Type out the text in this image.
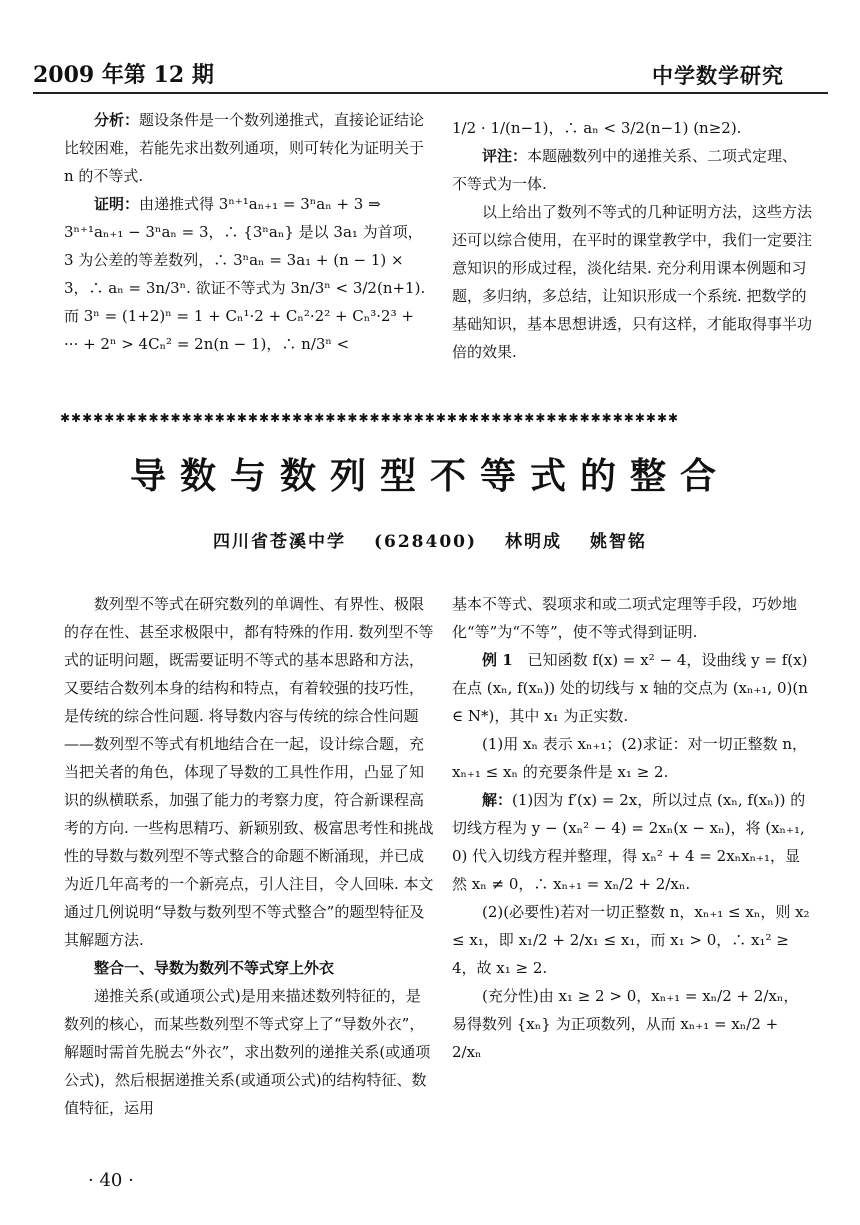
2009 年第 12 期	中学数学研究

分析：题设条件是一个数列递推式，直接论证结论比较困难，若能先求出数列通项，则可转化为证明关于 n 的不等式.

证明：由递推式得 3ⁿ⁺¹aₙ₊₁ = 3ⁿaₙ + 3 ⇒ 3ⁿ⁺¹aₙ₊₁ − 3ⁿaₙ = 3，∴ {3ⁿaₙ} 是以 3a₁ 为首项，3 为公差的等差数列，∴ 3ⁿaₙ = 3a₁ + (n − 1) × 3，∴ aₙ = 3n/3ⁿ. 欲证不等式为 3n/3ⁿ < 3/2(n+1). 而 3ⁿ = (1+2)ⁿ = 1 + Cₙ¹·2 + Cₙ²·2² + Cₙ³·2³ + ··· + 2ⁿ > 4Cₙ² = 2n(n − 1)，∴ n/3ⁿ <

1/2 · 1/(n−1)，∴ aₙ < 3/2(n−1) (n≥2).

评注：本题融数列中的递推关系、二项式定理、不等式为一体.

以上给出了数列不等式的几种证明方法，这些方法还可以综合使用，在平时的课堂教学中，我们一定要注意知识的形成过程，淡化结果. 充分利用课本例题和习题，多归纳，多总结，让知识形成一个系统. 把数学的基础知识，基本思想讲透，只有这样，才能取得事半功倍的效果.

✱✱✱✱✱✱✱✱✱✱✱✱✱✱✱✱✱✱✱✱✱✱✱✱✱✱✱✱✱✱✱✱✱✱✱✱✱✱✱✱✱✱✱✱✱✱✱✱✱✱✱✱✱✱✱✱
导数与数列型不等式的整合
四川省苍溪中学 (628400) 林明成 姚智铭

数列型不等式在研究数列的单调性、有界性、极限的存在性、甚至求极限中，都有特殊的作用. 数列型不等式的证明问题，既需要证明不等式的基本思路和方法，又要结合数列本身的结构和特点，有着较强的技巧性，是传统的综合性问题. 将导数内容与传统的综合性问题——数列型不等式有机地结合在一起，设计综合题，充当把关者的角色，体现了导数的工具性作用，凸显了知识的纵横联系，加强了能力的考察力度，符合新课程高考的方向. 一些构思精巧、新颖别致、极富思考性和挑战性的导数与数列型不等式整合的命题不断涌现，并已成为近几年高考的一个新亮点，引人注目，令人回味. 本文通过几例说明“导数与数列型不等式整合”的题型特征及其解题方法.

整合一、导数为数列不等式穿上外衣

递推关系(或通项公式)是用来描述数列特征的，是数列的核心，而某些数列型不等式穿上了“导数外衣”，解题时需首先脱去“外衣”，求出数列的递推关系(或通项公式)，然后根据递推关系(或通项公式)的结构特征、数值特征，运用

基本不等式、裂项求和或二项式定理等手段，巧妙地化“等”为“不等”，使不等式得到证明.

例 1　已知函数 f(x) = x² − 4，设曲线 y = f(x) 在点 (xₙ, f(xₙ)) 处的切线与 x 轴的交点为 (xₙ₊₁, 0)(n ∈ N*)，其中 x₁ 为正实数.

(1)用 xₙ 表示 xₙ₊₁；(2)求证：对一切正整数 n，xₙ₊₁ ≤ xₙ 的充要条件是 x₁ ≥ 2.

解：(1)因为 f′(x) = 2x，所以过点 (xₙ, f(xₙ)) 的切线方程为 y − (xₙ² − 4) = 2xₙ(x − xₙ)，将 (xₙ₊₁, 0) 代入切线方程并整理，得 xₙ² + 4 = 2xₙxₙ₊₁，显然 xₙ ≠ 0，∴ xₙ₊₁ = xₙ/2 + 2/xₙ.

(2)(必要性)若对一切正整数 n，xₙ₊₁ ≤ xₙ，则 x₂ ≤ x₁，即 x₁/2 + 2/x₁ ≤ x₁，而 x₁ > 0，∴ x₁² ≥ 4，故 x₁ ≥ 2.

(充分性)由 x₁ ≥ 2 > 0，xₙ₊₁ = xₙ/2 + 2/xₙ，易得数列 {xₙ} 为正项数列，从而 xₙ₊₁ = xₙ/2 + 2/xₙ

· 40 ·
